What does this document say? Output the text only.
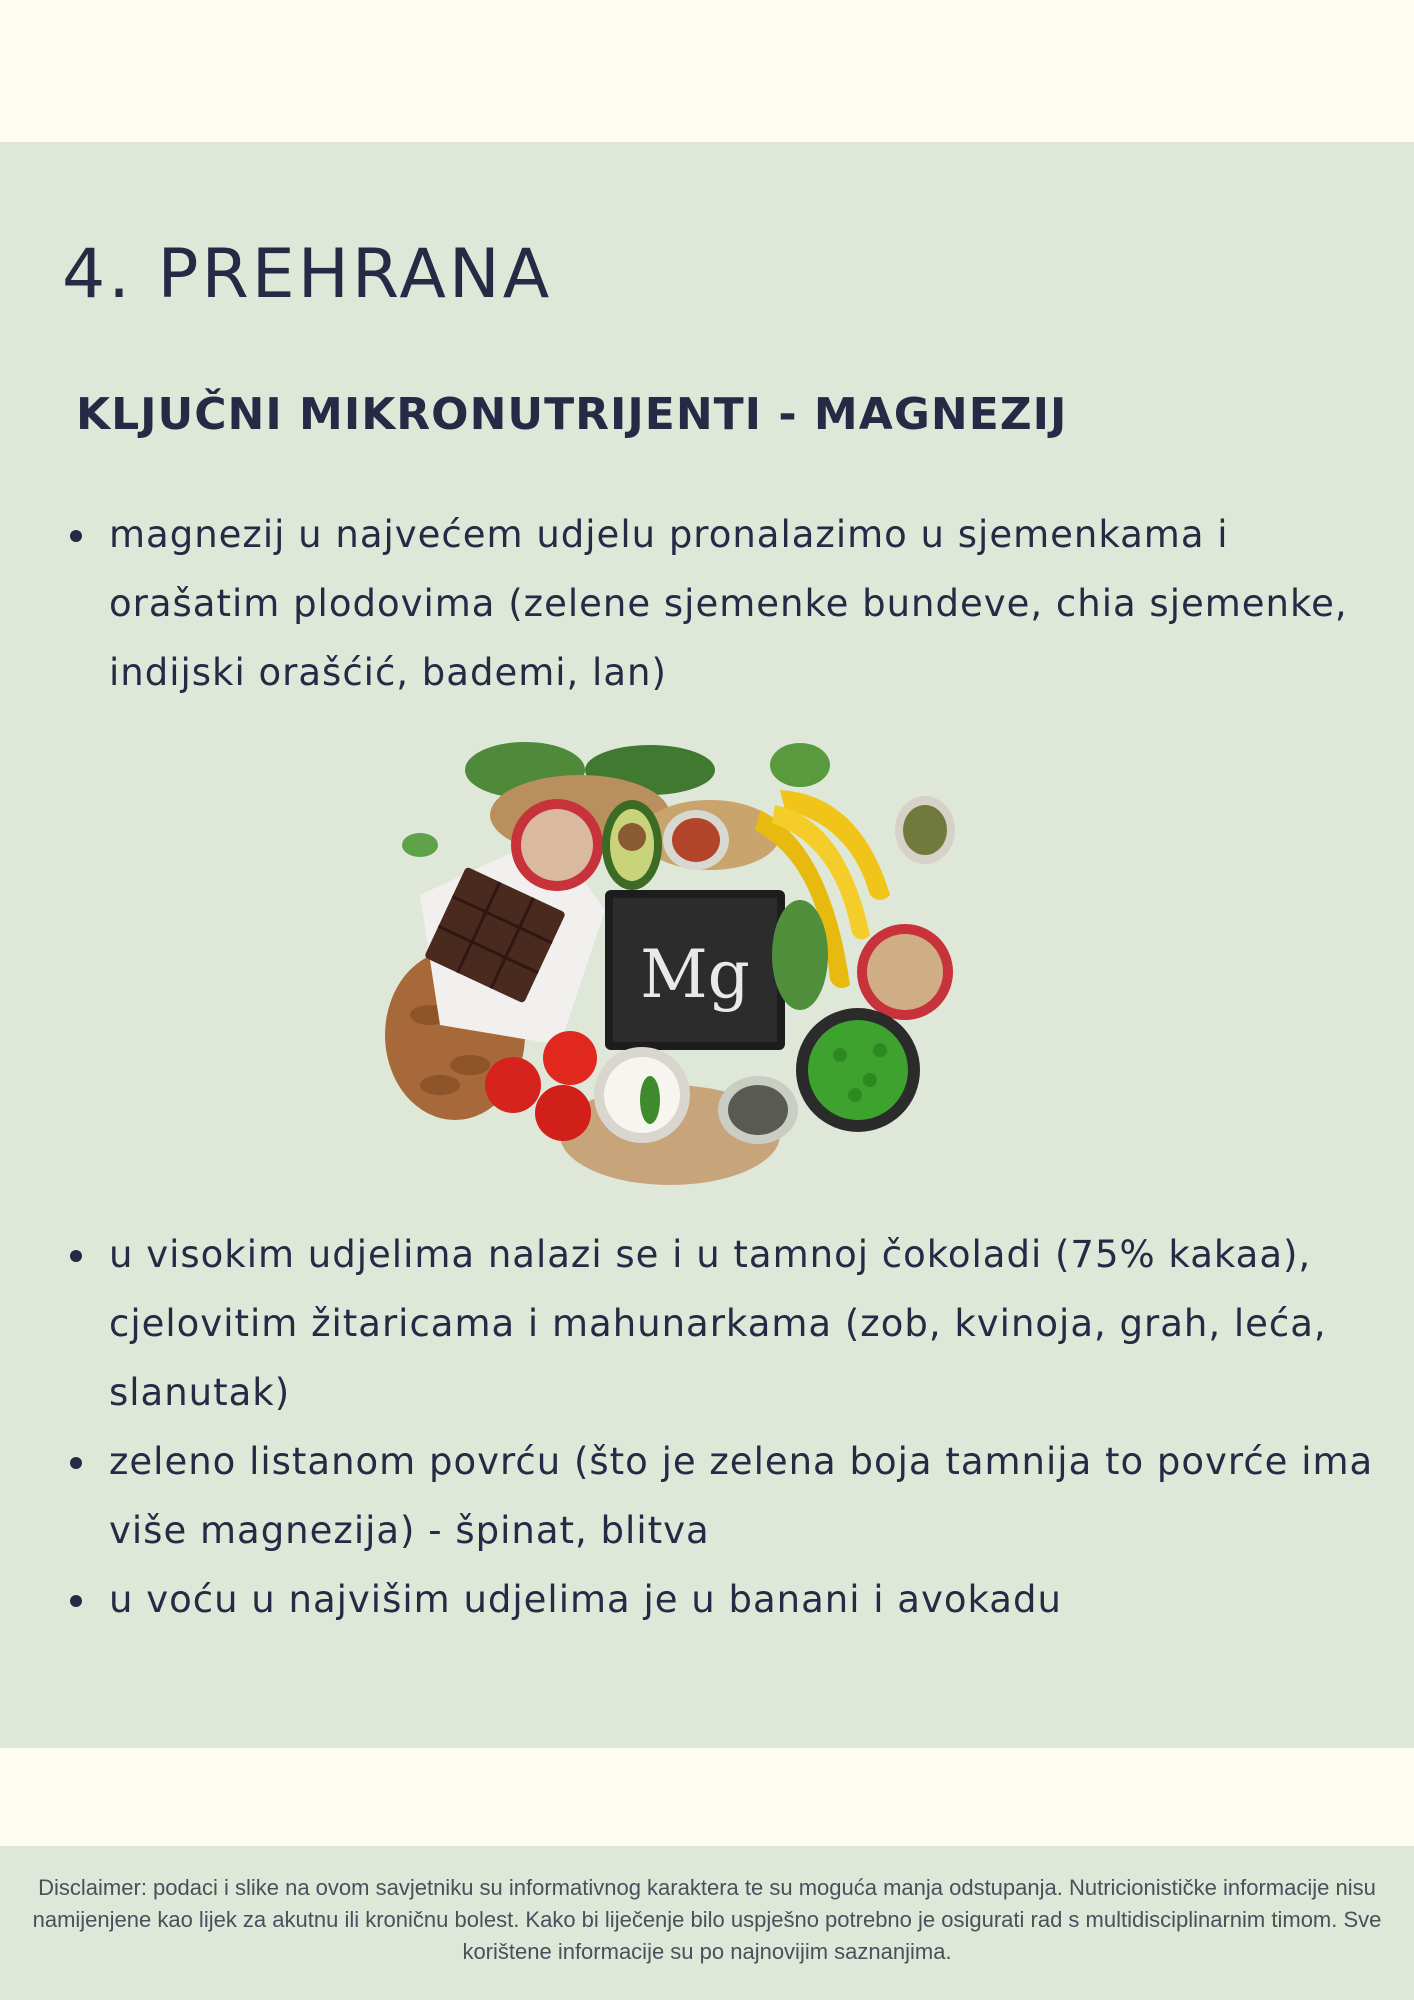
4. PREHRANA
KLJUČNI MIKRONUTRIJENTI - MAGNEZIJ
magnezij u najvećem udjelu pronalazimo u sjemenkama i orašatim plodovima (zelene sjemenke bundeve, chia sjemenke, indijski orašćić, bademi, lan)
Mg
u visokim udjelima nalazi se i u tamnoj čokoladi (75% kakaa), cjelovitim žitaricama i mahunarkama (zob, kvinoja, grah, leća, slanutak)
zeleno listanom povrću (što je zelena boja tamnija to povrće ima više magnezija) - špinat, blitva
u voću u najvišim udjelima je u banani i avokadu

Disclaimer: podaci i slike na ovom savjetniku su informativnog karaktera te su moguća manja odstupanja. Nutricionističke informacije nisu namijenjene kao lijek za akutnu ili kroničnu bolest. Kako bi liječenje bilo uspješno potrebno je osigurati rad s multidisciplinarnim timom. Sve korištene informacije su po najnovijim saznanjima.
